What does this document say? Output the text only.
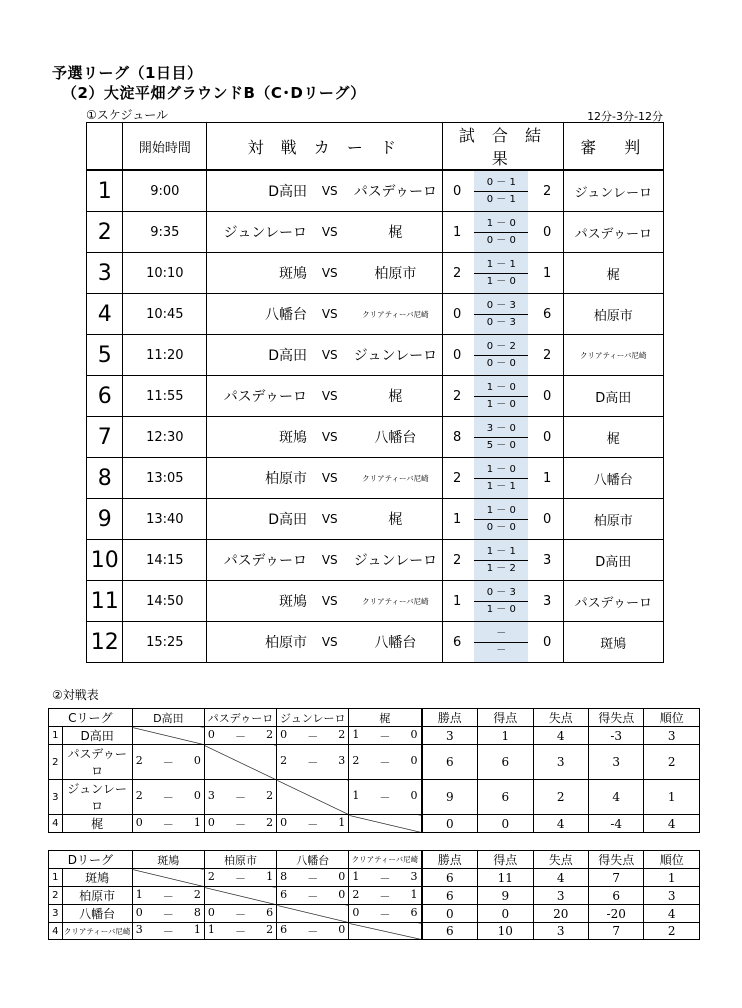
予選リーグ（1日目）
（2）大淀平畑グラウンドB（C･Dリーグ）
①スケジュール	12分-3分-12分
	開始時間	対 戦 カ ー ド			試 合 結 果			審　判
1	9:00	D高田	VS	パスデゥーロ	0	0 － 1
0 － 1	2	ジュンレーロ
2	9:35	ジュンレーロ	VS	梶	1	1 － 0
0 － 0	0	パスデゥーロ
3	10:10	斑鳩	VS	柏原市	2	1 － 1
1 － 0	1	梶
4	10:45	八幡台	VS	クリアティーバ尼崎	0	0 － 3
0 － 3	6	柏原市
5	11:20	D高田	VS	ジュンレーロ	0	0 － 2
0 － 0	2	クリアティーバ尼崎
6	11:55	パスデゥーロ	VS	梶	2	1 － 0
1 － 0	0	D高田
7	12:30	斑鳩	VS	八幡台	8	3 － 0
5 － 0	0	梶
8	13:05	柏原市	VS	クリアティーバ尼崎	2	1 － 0
1 － 1	1	八幡台
9	13:40	D高田	VS	梶	1	1 － 0
0 － 0	0	柏原市
10	14:15	パスデゥーロ	VS	ジュンレーロ	2	1 － 1
1 － 2	3	D高田
11	14:50	斑鳩	VS	クリアティーバ尼崎	1	0 － 3
1 － 0	3	パスデゥーロ
12	15:25	柏原市	VS	八幡台	6	－
－	0	斑鳩
②対戦表
Cリーグ		D高田	パスデゥーロ	ジュンレーロ	梶	勝点	得点	失点	得失点	順位
1	D高田		0 － 2	0 － 2	1 － 0	3	1	4	-3	3
2	パスデゥーロ	2 － 0		2 － 3	2 － 0	6	6	3	3	2
3	ジュンレーロ	2 － 0	3 － 2		1 － 0	9	6	2	4	1
4	梶	0 － 1	0 － 2	0 － 1		0	0	4	-4	4
Dリーグ		斑鳩	柏原市	八幡台	クリアティーバ尼崎	勝点	得点	失点	得失点	順位
1	斑鳩		2 － 1	8 － 0	1 － 3	6	11	4	7	1
2	柏原市	1 － 2		6 － 0	2 － 1	6	9	3	6	3
3	八幡台	0 － 8	0 － 6		0 － 6	0	0	20	-20	4
4	クリアティーバ尼崎	3 － 1	1 － 2	6 － 0		6	10	3	7	2
